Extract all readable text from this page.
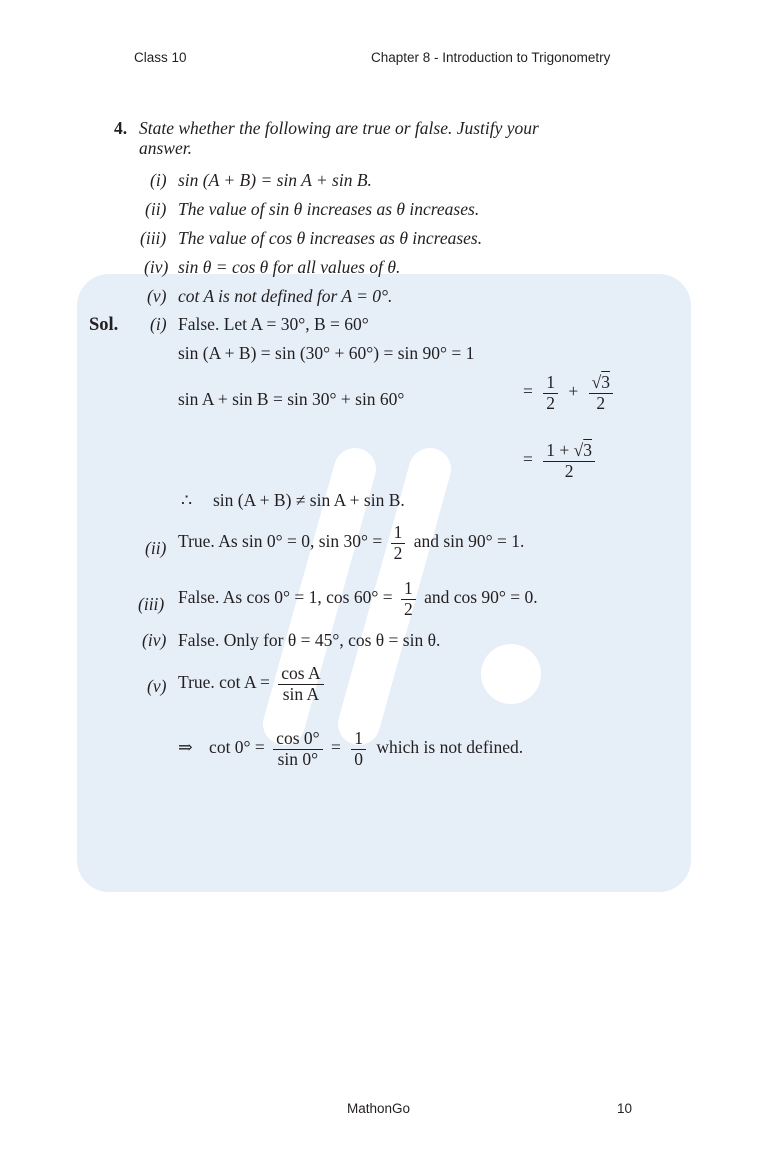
Class 10	Chapter 8 - Introduction to Trigonometry
4. State whether the following are true or false. Justify your
answer.
(i) sin (A + B) = sin A + sin B.
(ii) The value of sin θ increases as θ increases.
(iii) The value of cos θ increases as θ increases.
(iv) sin θ = cos θ for all values of θ.
(v) cot A is not defined for A = 0°.
Sol. (i) False. Let A = 30°, B = 60°
sin (A + B) = sin (30° + 60°) = sin 90° = 1
sin A + sin B = sin 30° + sin 60°	= $\frac{1}{2} + \frac{√3}{2}$
= $\frac{1 + √3}{2}$
∴ sin (A + B) ≠ sin A + sin B.
(ii) True. As sin 0° = 0, $\sin 30^\circ = \frac{1}{2}$ and sin 90° = 1.
(iii) False. As cos 0° = 1, $\cos 60^\circ = \frac{1}{2}$ and cos 90° = 0.
(iv) False. Only for θ = 45°, cos θ = sin θ.
(v) True. $\cot A = \frac{\text{cos A}}{\text{sin A}}$
⇒ $\cot 0^\circ = \frac{\cos 0^\circ}{\sin 0^\circ} = \frac{1}{0}$ which is not defined.
MathonGo	10
